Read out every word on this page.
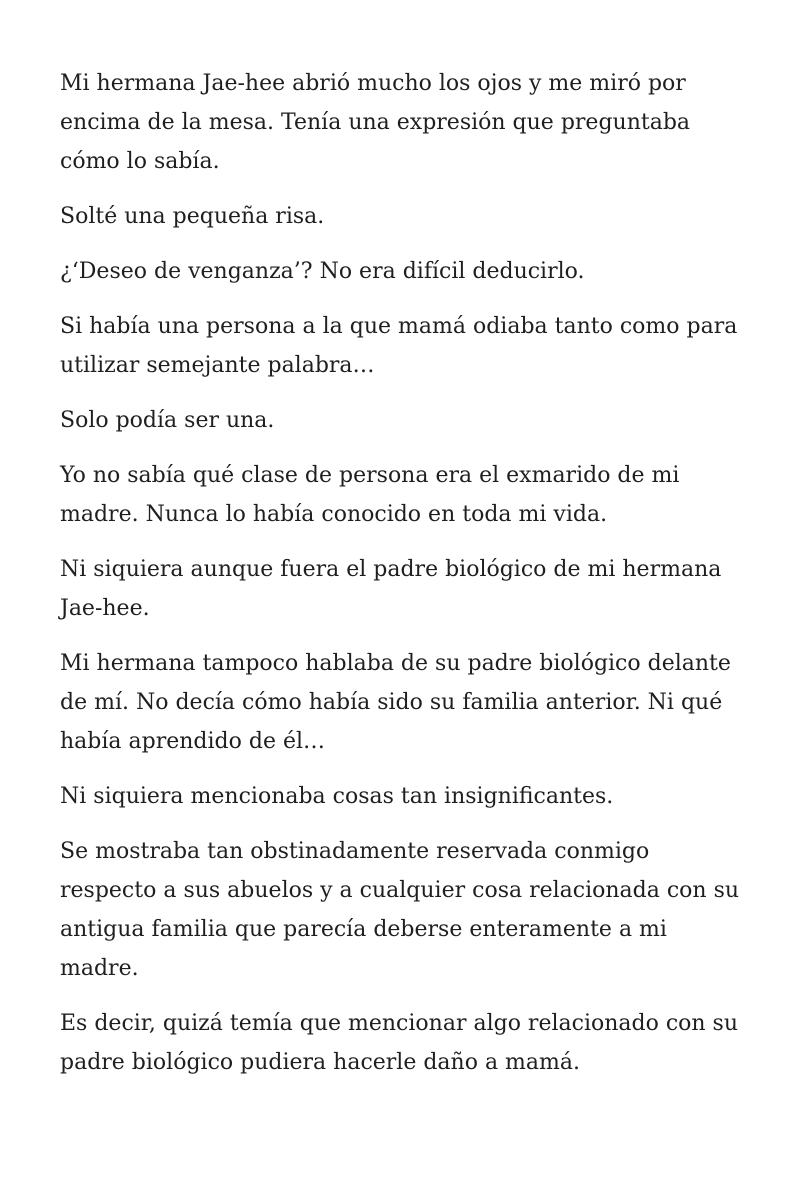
Mi hermana Jae-hee abrió mucho los ojos y me miró por encima de la mesa. Tenía una expresión que preguntaba cómo lo sabía.

Solté una pequeña risa.

¿‘Deseo de venganza’? No era difícil deducirlo.

Si había una persona a la que mamá odiaba tanto como para utilizar semejante palabra…

Solo podía ser una.

Yo no sabía qué clase de persona era el exmarido de mi madre. Nunca lo había conocido en toda mi vida.

Ni siquiera aunque fuera el padre biológico de mi hermana Jae-hee.

Mi hermana tampoco hablaba de su padre biológico delante de mí. No decía cómo había sido su familia anterior. Ni qué había aprendido de él…

Ni siquiera mencionaba cosas tan insignificantes.

Se mostraba tan obstinadamente reservada conmigo respecto a sus abuelos y a cualquier cosa relacionada con su antigua familia que parecía deberse enteramente a mi madre.

Es decir, quizá temía que mencionar algo relacionado con su padre biológico pudiera hacerle daño a mamá.
